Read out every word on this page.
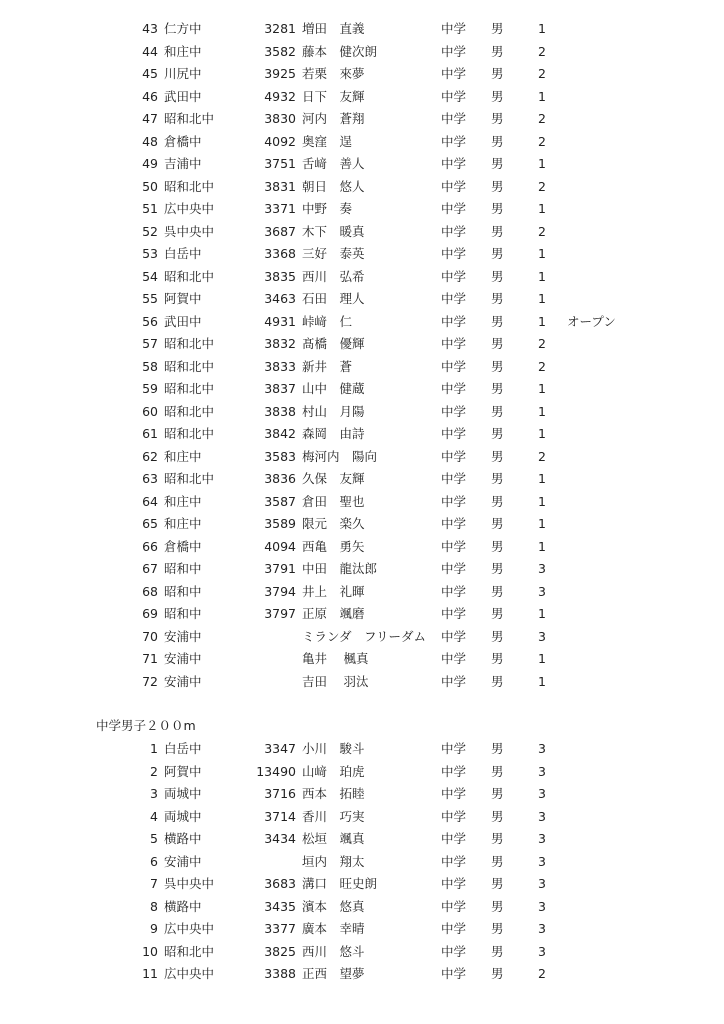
43 仁方中	3281 増田　直義	中学 男	1
44 和庄中	3582 藤本　健次朗	中学 男	2
45 川尻中	3925 若栗　來夢	中学 男	2
46 武田中	4932 日下　友輝	中学 男	1
47 昭和北中	3830 河内　蒼翔	中学 男	2
48 倉橋中	4092 奥窪　逞	中学 男	2
49 吉浦中	3751 舌﨑　善人	中学 男	1
50 昭和北中	3831 朝日　悠人	中学 男	2
51 広中央中	3371 中野　奏	中学 男	1
52 呉中央中	3687 木下　暖真	中学 男	2
53 白岳中	3368 三好　泰英	中学 男	1
54 昭和北中	3835 西川　弘希	中学 男	1
55 阿賀中	3463 石田　理人	中学 男	1
56 武田中	4931 峠﨑　仁	中学 男	1 オープン
57 昭和北中	3832 髙橋　優輝	中学 男	2
58 昭和北中	3833 新井　蒼	中学 男	2
59 昭和北中	3837 山中　健蔵	中学 男	1
60 昭和北中	3838 村山　月陽	中学 男	1
61 昭和北中	3842 森岡　由詩	中学 男	1
62 和庄中	3583 梅河内　陽向	中学 男	2
63 昭和北中	3836 久保　友輝	中学 男	1
64 和庄中	3587 倉田　聖也	中学 男	1
65 和庄中	3589 限元　楽久	中学 男	1
66 倉橋中	4094 西亀　勇矢	中学 男	1
67 昭和中	3791 中田　龍汰郎	中学 男	3
68 昭和中	3794 井上　礼暉	中学 男	3
69 昭和中	3797 正原　颯磨	中学 男	1
70 安浦中	ミランダ　フリーダム 中学 男	3
71 安浦中	亀井　 楓真	中学 男	1
72 安浦中	吉田　 羽汰	中学 男	1
中学男子２００m
1 白岳中	3347 小川　駿斗	中学 男	3
2 阿賀中	13490 山﨑　珀虎	中学 男	3
3 両城中	3716 西本　拓睦	中学 男	3
4 両城中	3714 香川　巧実	中学 男	3
5 横路中	3434 松垣　颯真	中学 男	3
6 安浦中	垣内　翔太	中学 男	3
7 呉中央中	3683 溝口　旺史朗	中学 男	3
8 横路中	3435 濱本　悠真	中学 男	3
9 広中央中	3377 廣本　幸晴	中学 男	3
10 昭和北中	3825 西川　悠斗	中学 男	3
11 広中央中	3388 正西　望夢	中学 男	2
